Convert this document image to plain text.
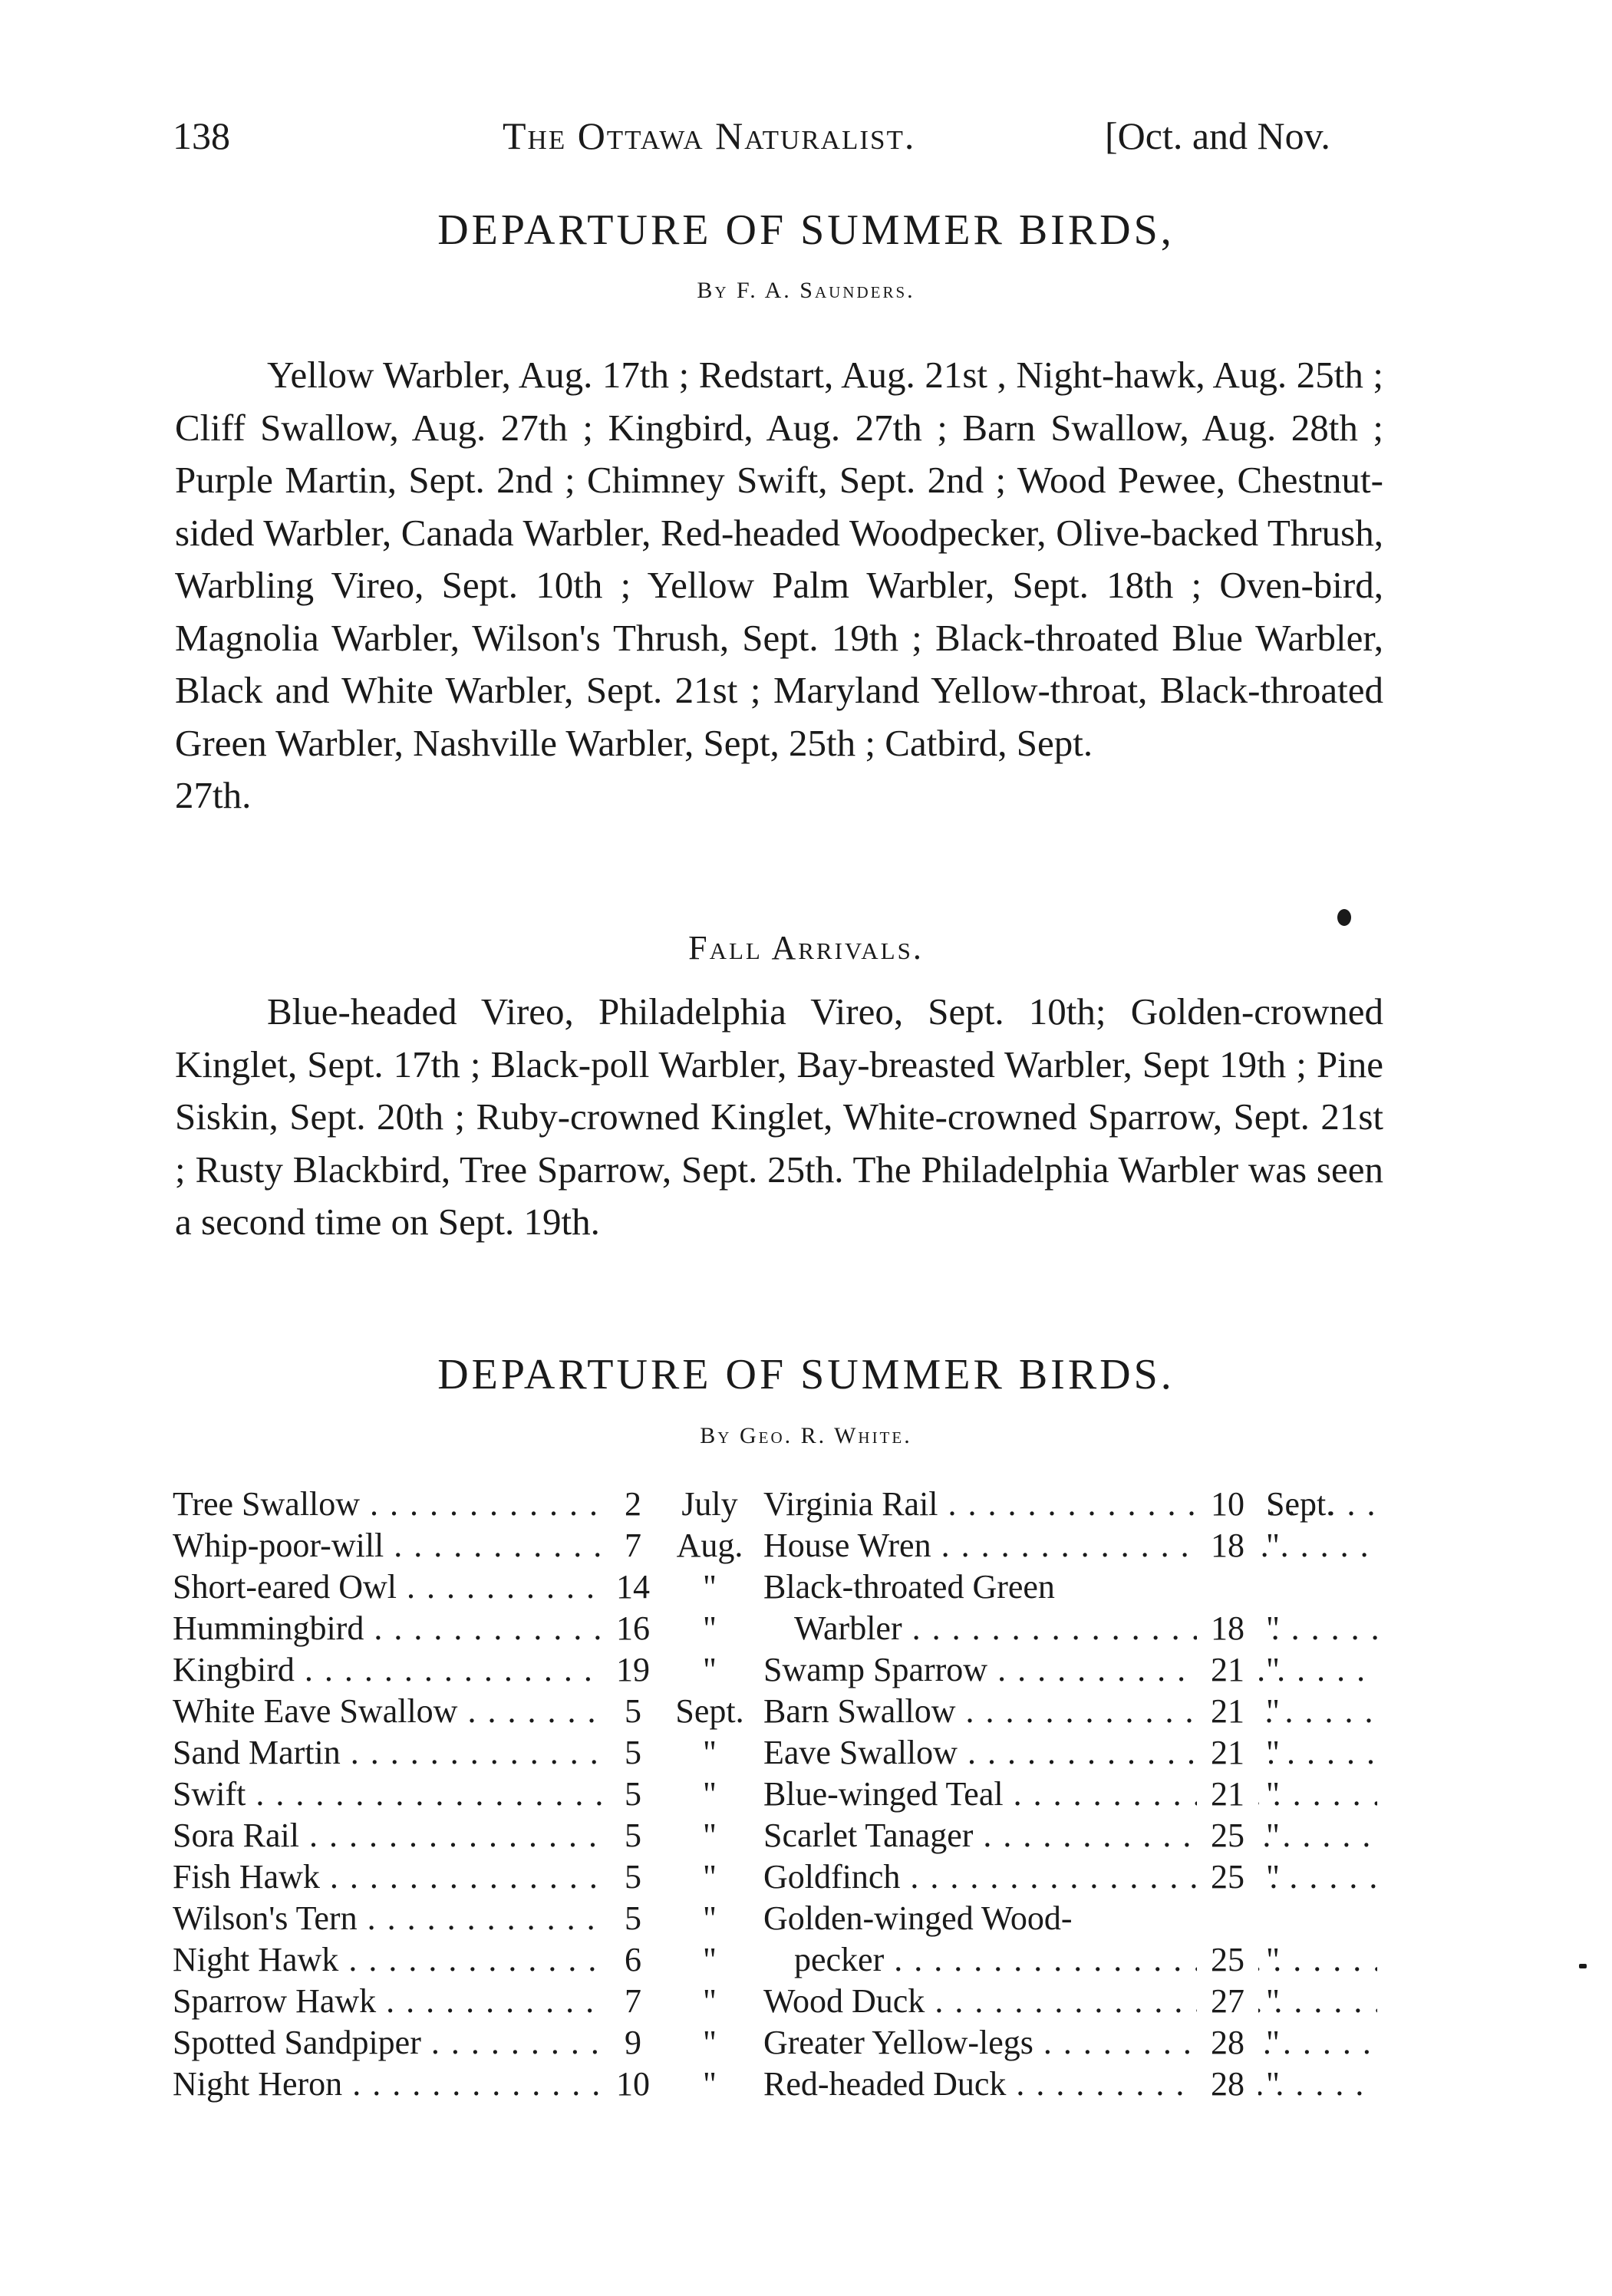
138	The Ottawa Naturalist.	[Oct. and Nov.
DEPARTURE OF SUMMER BIRDS,
By F. A. Saunders.

Yellow Warbler, Aug. 17th ; Redstart, Aug. 21st , Night-hawk, Aug. 25th ; Cliff Swallow, Aug. 27th ; Kingbird, Aug. 27th ; Barn Swallow, Aug. 28th ; Purple Martin, Sept. 2nd ; Chimney Swift, Sept. 2nd ; Wood Pewee, Chestnut-sided Warbler, Canada Warbler, Red-headed Woodpecker, Olive-backed Thrush, Warbling Vireo, Sept. 10th ; Yellow Palm Warbler, Sept. 18th ; Oven-bird, Magnolia Warbler, Wilson's Thrush, Sept. 19th ; Black-throated Blue Warbler, Black and White Warbler, Sept. 21st ; Maryland Yellow-throat, Black-throated Green Warbler, Nashville Warbler, Sept, 25th ; Catbird, Sept.
27th.

Fall Arrivals.

Blue-headed Vireo, Philadelphia Vireo, Sept. 10th; Golden-crowned Kinglet, Sept. 17th ; Black-poll Warbler, Bay-breasted Warbler, Sept 19th ; Pine Siskin, Sept. 20th ; Ruby-crowned Kinglet, White-crowned Sparrow, Sept. 21st ; Rusty Blackbird, Tree Sparrow, Sept. 25th. The Philadelphia Warbler was seen a second time on Sept. 19th.

DEPARTURE OF SUMMER BIRDS.
By Geo. R. White.
Tree Swallow . . .	2	July Virginia Rail . . .	10 Sept.
Whip-poor-will . . .	7	Aug. House Wren . . .	18 "
Short-eared Owl . . .	14	"	Black-throated Green
Hummingbird . . .	16	"	Warbler . . .	18 "
Kingbird . . .	19	"	Swamp Sparrow . . .	21 "
White Eave Swallow . . .	5	Sept. Barn Swallow . . .	21 "
Sand Martin . . .	5	"	Eave Swallow . . .	21 "
Swift . . .	5	"	Blue-winged Teal . . .	21 "
Sora Rail . . .	5	"	Scarlet Tanager . . .	25 "
Fish Hawk . . .	5	"	Goldfinch . . .	25 "
Wilson's Tern . . .	5	"	Golden-winged Wood-
Night Hawk . . .	6	"	pecker . . .	25 "
Sparrow Hawk . . .	7	"	Wood Duck . . .	27 "
Spotted Sandpiper . . .	9	"	Greater Yellow-legs . . .	28 "
Night Heron . . .	10	"	Red-headed Duck . . .	28 "
